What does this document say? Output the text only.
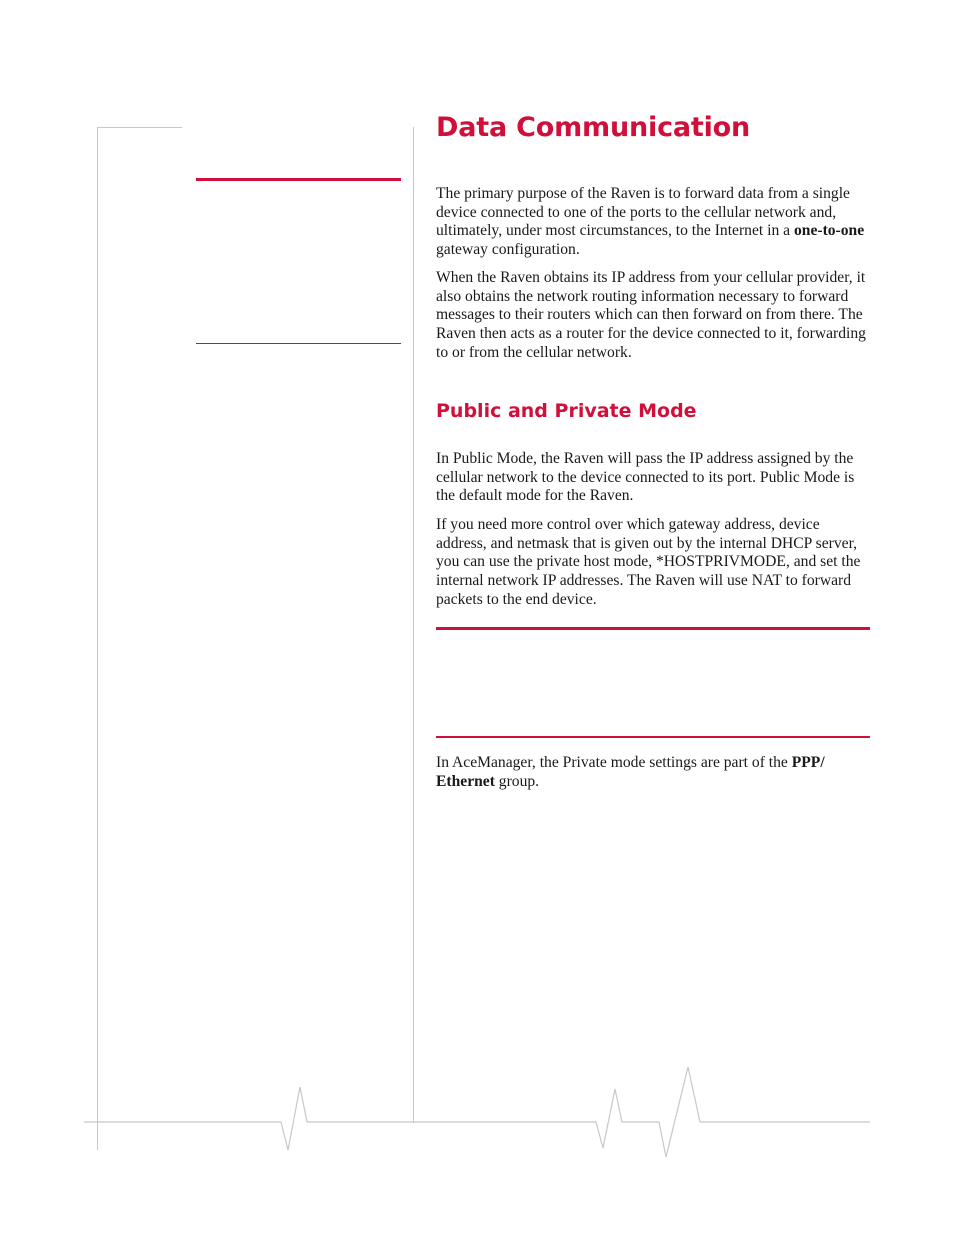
Data Communication

The primary purpose of the Raven is to forward data from a single device connected to one of the ports to the cellular network and, ultimately, under most circumstances, to the Internet in a one-to-one gateway configuration.

When the Raven obtains its IP address from your cellular provider, it also obtains the network routing information necessary to forward messages to their routers which can then forward on from there. The Raven then acts as a router for the device connected to it, forwarding to or from the cellular network.

Public and Private Mode

In Public Mode, the Raven will pass the IP address assigned by the cellular network to the device connected to its port. Public Mode is the default mode for the Raven.

If you need more control over which gateway address, device address, and netmask that is given out by the internal DHCP server, you can use the private host mode, *HOSTPRIVMODE, and set the internal network IP addresses. The Raven will use NAT to forward packets to the end device.

In AceManager, the Private mode settings are part of the PPP/ Ethernet group.
